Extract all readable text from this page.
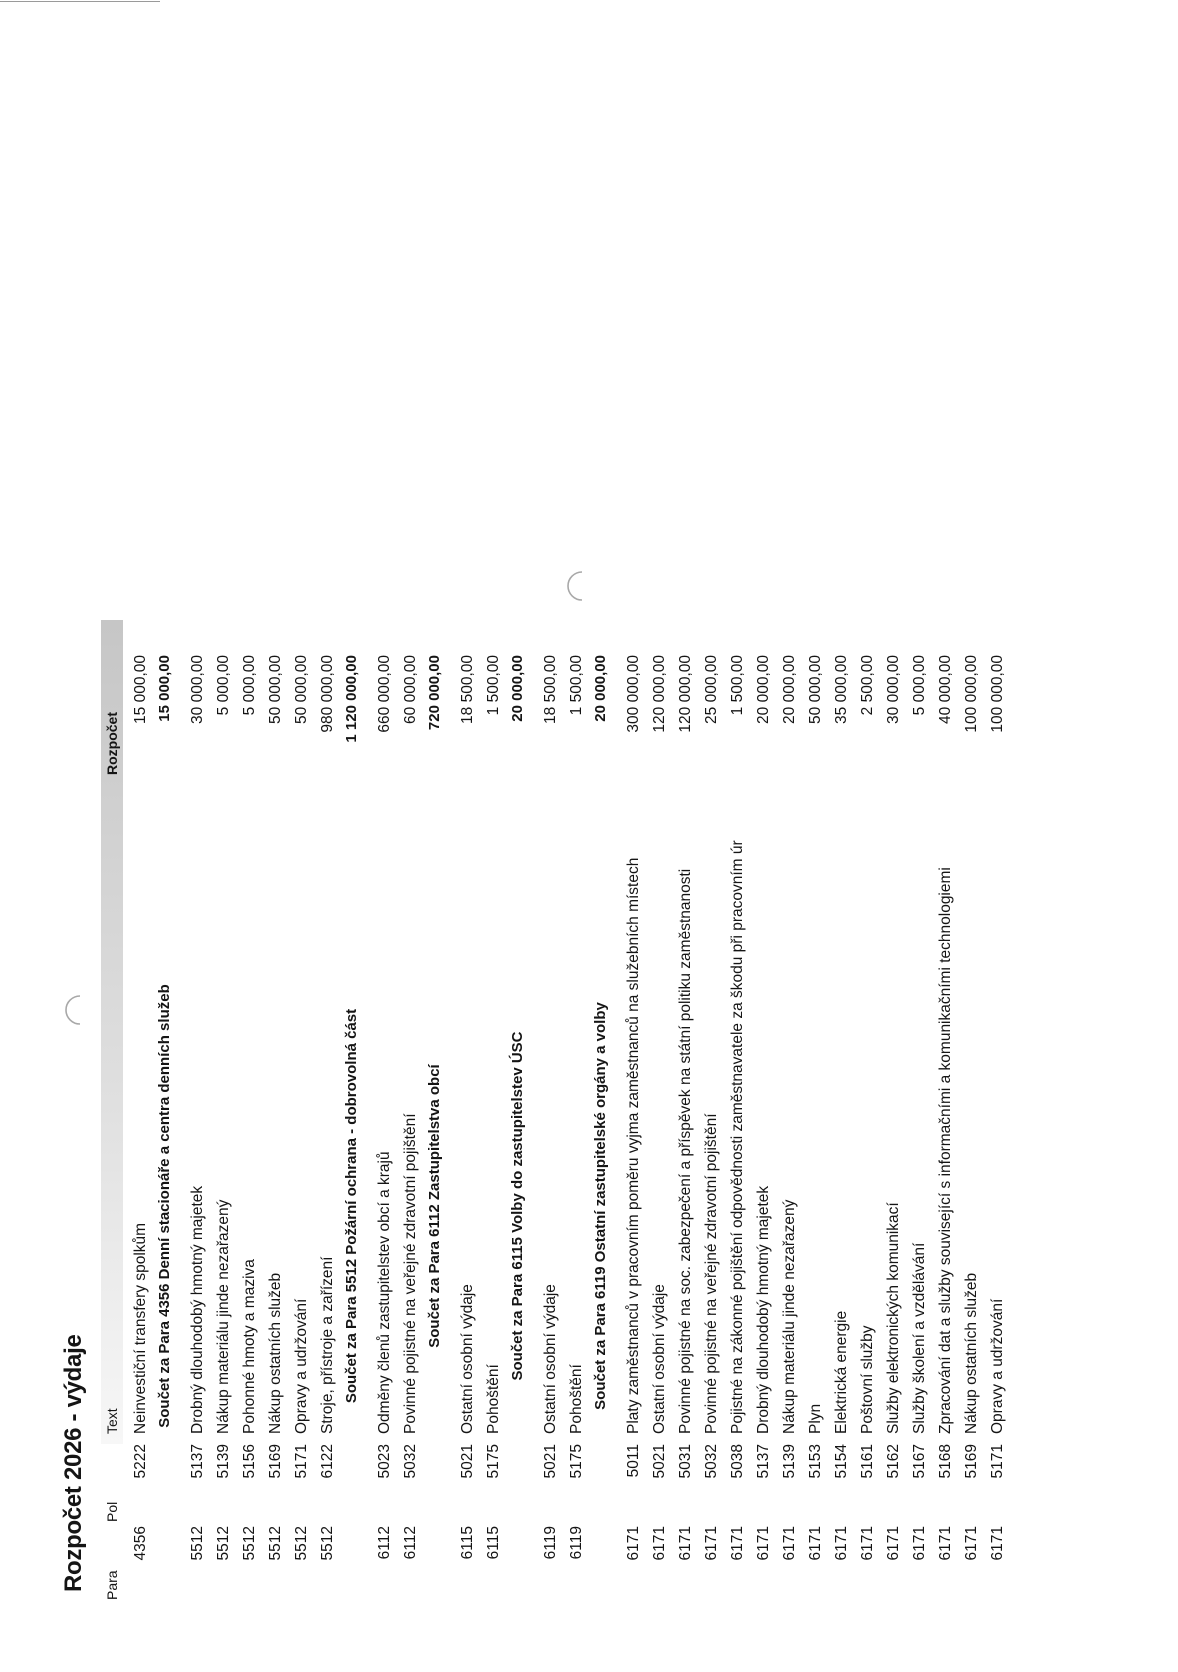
Rozpočet 2026 - výdaje Para
Pol
Text
Rozpočet
4356
5222
Neinvestiční transfery spolkům
15 000,00
Součet za Para 4356 Denní stacionáře a centra denních služeb
15 000,00
5512
5137
Drobný dlouhodobý hmotný majetek
30 000,00
5512
5139
Nákup materiálu jinde nezařazený
5 000,00
5512
5156
Pohonné hmoty a maziva
5 000,00
5512
5169
Nákup ostatních služeb
50 000,00
5512
5171
Opravy a udržování
50 000,00
5512
6122
Stroje, přístroje a zařízení
980 000,00
Součet za Para 5512 Požární ochrana - dobrovolná část
1 120 000,00
6112
5023
Odměny členů zastupitelstev obcí a krajů
660 000,00
6112
5032
Povinné pojistné na veřejné zdravotní pojištění
60 000,00
Součet za Para 6112 Zastupitelstva obcí
720 000,00
6115
5021
Ostatní osobní výdaje
18 500,00
6115
5175
Pohoštění
1 500,00
Součet za Para 6115 Volby do zastupitelstev ÚSC
20 000,00
6119
5021
Ostatní osobní výdaje
18 500,00
6119
5175
Pohoštění
1 500,00
Součet za Para 6119 Ostatní zastupitelské orgány a volby
20 000,00
6171
5011
Platy zaměstnanců v pracovním poměru vyjma zaměstnanců na služebních místech
300 000,00
6171
5021
Ostatní osobní výdaje
120 000,00
6171
5031
Povinné pojistné na soc. zabezpečení a příspěvek na státní politiku zaměstnanosti
120 000,00
6171
5032
Povinné pojistné na veřejné zdravotní pojištění
25 000,00
6171
5038
Pojistné na zákonné pojištění odpovědnosti zaměstnavatele za škodu při pracovním úr
1 500,00
6171
5137
Drobný dlouhodobý hmotný majetek
20 000,00
6171
5139
Nákup materiálu jinde nezařazený
20 000,00
6171
5153
Plyn
50 000,00
6171
5154
Elektrická energie
35 000,00
6171
5161
Poštovní služby
2 500,00
6171
5162
Služby elektronických komunikací
30 000,00
6171
5167
Služby školení a vzdělávání
5 000,00
6171
5168
Zpracování dat a služby související s informačními a komunikačními technologiemi
40 000,00
6171
5169
Nákup ostatních služeb
100 000,00
6171
5171
Opravy a udržování
100 000,00
